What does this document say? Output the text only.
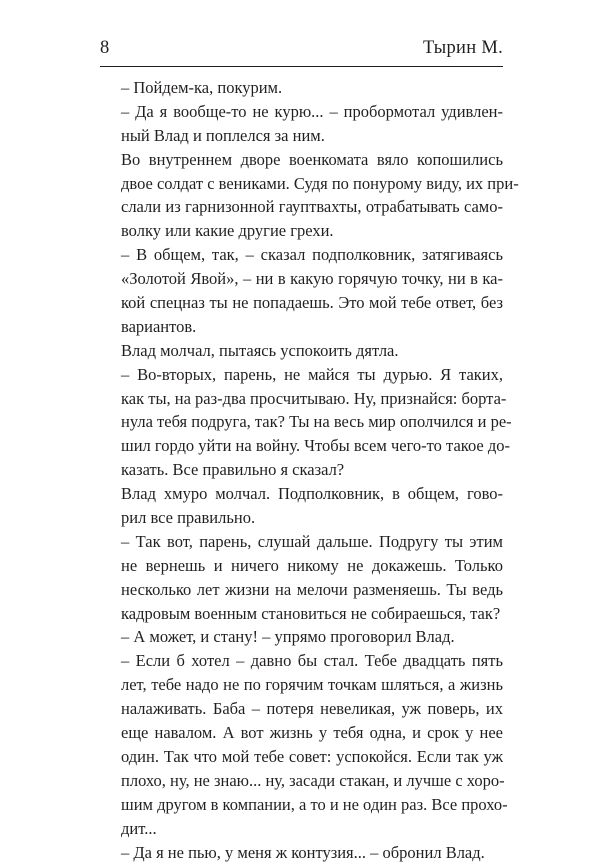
8	Тырин М.
– Пойдем-ка, покурим.
– Да я вообще-то не курю... – пробормотал удивлен-
ный Влад и поплелся за ним.
Во внутреннем дворе военкомата вяло копошились
двое солдат с вениками. Судя по понурому виду, их при-
слали из гарнизонной гауптвахты, отрабатывать само-
волку или какие другие грехи.
– В общем, так, – сказал подполковник, затягиваясь
«Золотой Явой», – ни в какую горячую точку, ни в ка-
кой спецназ ты не попадаешь. Это мой тебе ответ, без
вариантов.
Влад молчал, пытаясь успокоить дятла.
– Во-вторых, парень, не майся ты дурью. Я таких,
как ты, на раз-два просчитываю. Ну, признайся: борта-
нула тебя подруга, так? Ты на весь мир ополчился и ре-
шил гордо уйти на войну. Чтобы всем чего-то такое до-
казать. Все правильно я сказал?
Влад хмуро молчал. Подполковник, в общем, гово-
рил все правильно.
– Так вот, парень, слушай дальше. Подругу ты этим
не вернешь и ничего никому не докажешь. Только
несколько лет жизни на мелочи разменяешь. Ты ведь
кадровым военным становиться не собираешься, так?
– А может, и стану! – упрямо проговорил Влад.
– Если б хотел – давно бы стал. Тебе двадцать пять
лет, тебе надо не по горячим точкам шляться, а жизнь
налаживать. Баба – потеря невеликая, уж поверь, их
еще навалом. А вот жизнь у тебя одна, и срок у нее
один. Так что мой тебе совет: успокойся. Если так уж
плохо, ну, не знаю... ну, засади стакан, и лучше с хоро-
шим другом в компании, а то и не один раз. Все прохо-
дит...
– Да я не пью, у меня ж контузия... – обронил Влад.
